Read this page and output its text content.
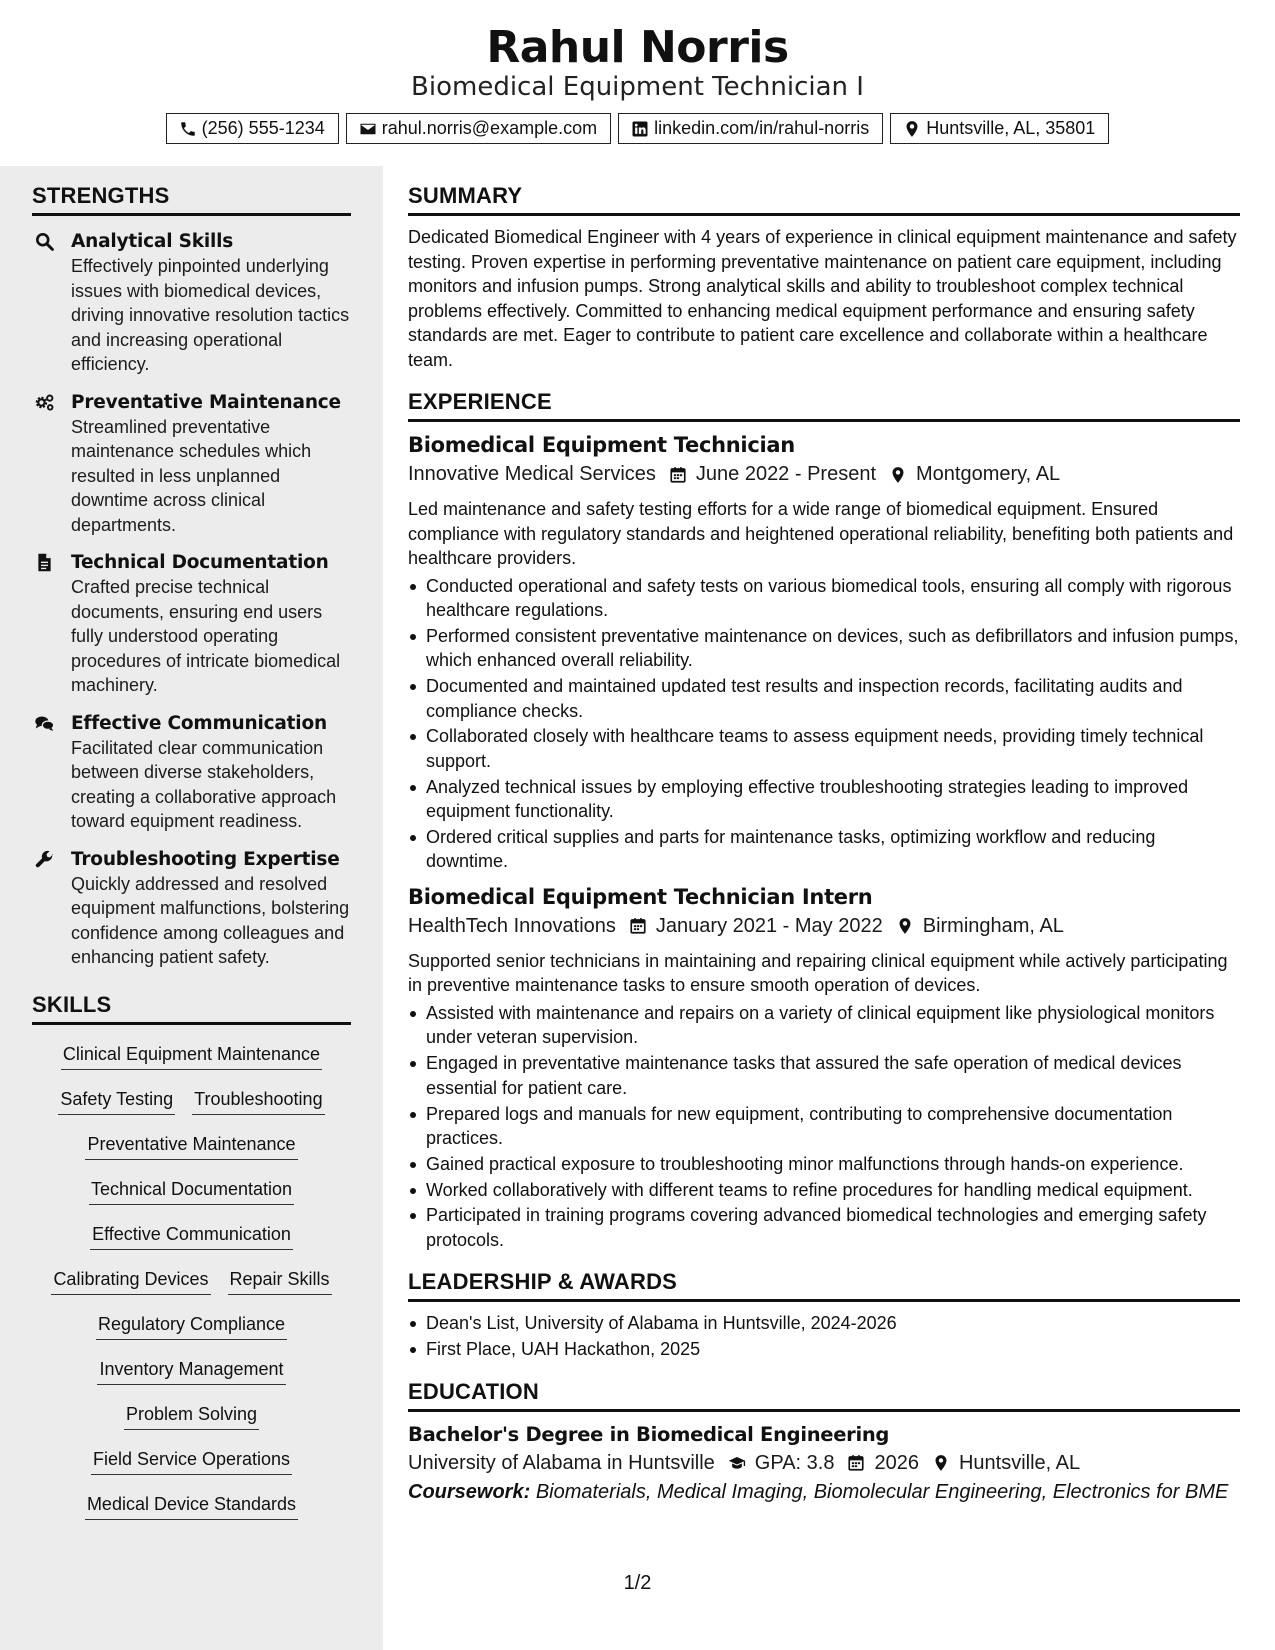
Rahul Norris
Biomedical Equipment Technician I
(256) 555-1234	rahul.norris@example.com	linkedin.com/in/rahul-norris	Huntsville, AL, 35801
STRENGTHS
Analytical Skills
Effectively pinpointed underlying issues with biomedical devices, driving innovative resolution tactics and increasing operational efficiency.
Preventative Maintenance
Streamlined preventative maintenance schedules which resulted in less unplanned downtime across clinical departments.
Technical Documentation
Crafted precise technical documents, ensuring end users fully understood operating procedures of intricate biomedical machinery.
Effective Communication
Facilitated clear communication between diverse stakeholders, creating a collaborative approach toward equipment readiness.
Troubleshooting Expertise
Quickly addressed and resolved equipment malfunctions, bolstering confidence among colleagues and enhancing patient safety.
SKILLS
Clinical Equipment Maintenance
Safety Testing Troubleshooting
Preventative Maintenance
Technical Documentation
Effective Communication
Calibrating Devices Repair Skills
Regulatory Compliance
Inventory Management
Problem Solving
Field Service Operations
Medical Device Standards
SUMMARY
Dedicated Biomedical Engineer with 4 years of experience in clinical equipment maintenance and safety testing. Proven expertise in performing preventative maintenance on patient care equipment, including monitors and infusion pumps. Strong analytical skills and ability to troubleshoot complex technical problems effectively. Committed to enhancing medical equipment performance and ensuring safety standards are met. Eager to contribute to patient care excellence and collaborate within a healthcare team.
EXPERIENCE
Biomedical Equipment Technician
Innovative Medical Services June 2022 - Present Montgomery, AL
Led maintenance and safety testing efforts for a wide range of biomedical equipment. Ensured compliance with regulatory standards and heightened operational reliability, benefiting both patients and healthcare providers.
Conducted operational and safety tests on various biomedical tools, ensuring all comply with rigorous healthcare regulations.
Performed consistent preventative maintenance on devices, such as defibrillators and infusion pumps, which enhanced overall reliability.
Documented and maintained updated test results and inspection records, facilitating audits and compliance checks.
Collaborated closely with healthcare teams to assess equipment needs, providing timely technical support.
Analyzed technical issues by employing effective troubleshooting strategies leading to improved equipment functionality.
Ordered critical supplies and parts for maintenance tasks, optimizing workflow and reducing downtime.
Biomedical Equipment Technician Intern
HealthTech Innovations January 2021 - May 2022 Birmingham, AL
Supported senior technicians in maintaining and repairing clinical equipment while actively participating in preventive maintenance tasks to ensure smooth operation of devices.
Assisted with maintenance and repairs on a variety of clinical equipment like physiological monitors under veteran supervision.
Engaged in preventative maintenance tasks that assured the safe operation of medical devices essential for patient care.
Prepared logs and manuals for new equipment, contributing to comprehensive documentation practices.
Gained practical exposure to troubleshooting minor malfunctions through hands-on experience.
Worked collaboratively with different teams to refine procedures for handling medical equipment.
Participated in training programs covering advanced biomedical technologies and emerging safety protocols.
LEADERSHIP & AWARDS
Dean's List, University of Alabama in Huntsville, 2024-2026
First Place, UAH Hackathon, 2025
EDUCATION
Bachelor's Degree in Biomedical Engineering
University of Alabama in Huntsville GPA: 3.8 2026 Huntsville, AL
Coursework: Biomaterials, Medical Imaging, Biomolecular Engineering, Electronics for BME
1/2
